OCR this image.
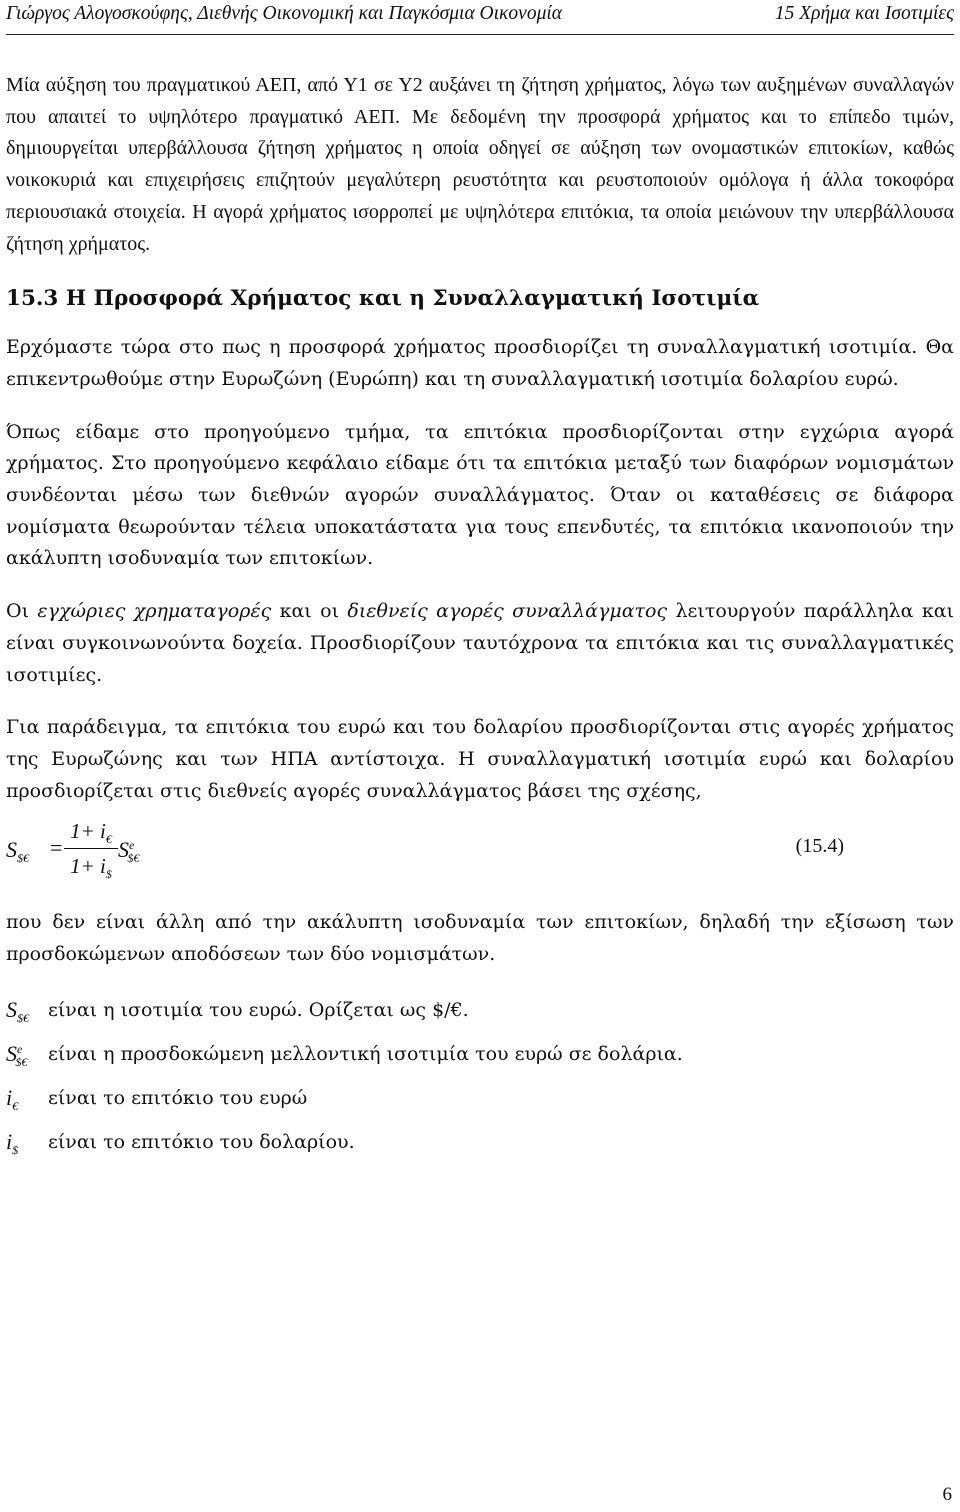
Γιώργος Αλογοσκούφης, Διεθνής Οικονομική και Παγκόσμια Οικονομία	15 Χρήμα και Ισοτιμίες

Μία αύξηση του πραγματικού ΑΕΠ, από Υ1 σε Υ2 αυξάνει τη ζήτηση χρήματος, λόγω των αυξημένων συναλλαγών που απαιτεί το υψηλότερο πραγματικό ΑΕΠ. Με δεδομένη την προσφορά χρήματος και το επίπεδο τιμών, δημιουργείται υπερβάλλουσα ζήτηση χρήματος η οποία οδηγεί σε αύξηση των ονομαστικών επιτοκίων, καθώς νοικοκυριά και επιχειρήσεις επιζητούν μεγαλύτερη ρευστότητα και ρευστοποιούν ομόλογα ή άλλα τοκοφόρα περιουσιακά στοιχεία. Η αγορά χρήματος ισορροπεί με υψηλότερα επιτόκια, τα οποία μειώνουν την υπερβάλλουσα ζήτηση χρήματος.

15.3 Η Προσφορά Χρήματος και η Συναλλαγματική Ισοτιμία

Ερχόμαστε τώρα στο πως η προσφορά χρήματος προσδιορίζει τη συναλλαγματική ισοτιμία. Θα επικεντρωθούμε στην Ευρωζώνη (Ευρώπη) και τη συναλλαγματική ισοτιμία δολαρίου ευρώ.

Όπως είδαμε στο προηγούμενο τμήμα, τα επιτόκια προσδιορίζονται στην εγχώρια αγορά χρήματος. Στο προηγούμενο κεφάλαιο είδαμε ότι τα επιτόκια μεταξύ των διαφόρων νομισμάτων συνδέονται μέσω των διεθνών αγορών συναλλάγματος. Όταν οι καταθέσεις σε διάφορα νομίσματα θεωρούνταν τέλεια υποκατάστατα για τους επενδυτές, τα επιτόκια ικανοποιούν την ακάλυπτη ισοδυναμία των επιτοκίων.

Οι εγχώριες χρηματαγορές και οι διεθνείς αγορές συναλλάγματος λειτουργούν παράλληλα και είναι συγκοινωνούντα δοχεία. Προσδιορίζουν ταυτόχρονα τα επιτόκια και τις συναλλαγματικές ισοτιμίες.

Για παράδειγμα, τα επιτόκια του ευρώ και του δολαρίου προσδιορίζονται στις αγορές χρήματος της Ευρωζώνης και των ΗΠΑ αντίστοιχα. Η συναλλαγματική ισοτιμία ευρώ και δολαρίου προσδιορίζεται στις διεθνείς αγορές συναλλάγματος βάσει της σχέσης,

$S_{\$€}$ =
$1+ i_€$
$1+ i_{\$}$
$S^e_{\$€}$
(15.4)

που δεν είναι άλλη από την ακάλυπτη ισοδυναμία των επιτοκίων, δηλαδή την εξίσωση των προσδοκώμενων αποδόσεων των δύο νομισμάτων.

$S_{\$€}$ είναι η ισοτιμία του ευρώ. Ορίζεται ως $/€.
$S^e_{\$€}$ είναι η προσδοκώμενη μελλοντική ισοτιμία του ευρώ σε δολάρια.
$i_€$ είναι το επιτόκιο του ευρώ
$i_{\$}$ είναι το επιτόκιο του δολαρίου.
6
